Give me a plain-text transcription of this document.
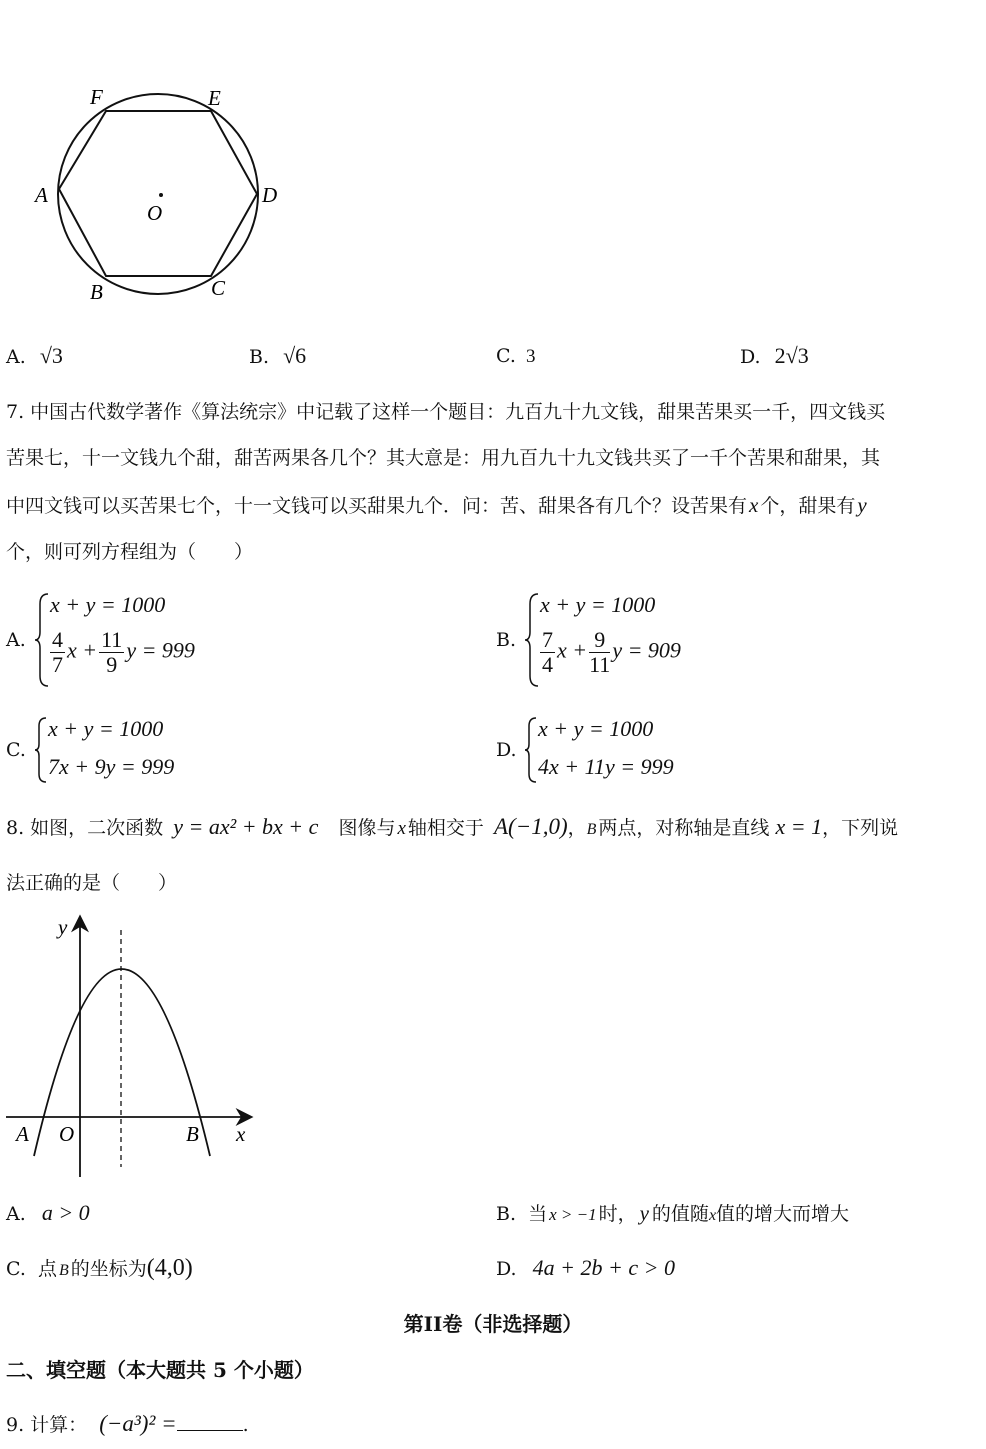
F	E
A	D
O
B	C
A. √3	B. √6	C. 3	D. 2√3
7. 中国古代数学著作《算法统宗》中记载了这样一个题目：九百九十九文钱，甜果苦果买一千，四文钱买
苦果七，十一文钱九个甜，甜苦两果各几个？其大意是：用九百九十九文钱共买了一千个苦果和甜果，其
中四文钱可以买苦果七个，十一文钱可以买甜果九个．问：苦、甜果各有几个？设苦果有x 个，甜果有y
个，则可列方程组为（　　）
A.
x + y = 1000
$\frac{4}{7}$ $x + \frac{11}{9}$ y = 999	B.
x + y = 1000
$\frac{7}{4}$ $x + \frac{9}{11}$ y = 909
C.
x + y = 1000
7x + 9y = 999
D.
x + y = 1000
4x + 11y = 999
8. 如图，二次函数 y = ax² + bx + c 图像与 x 轴相交于 A(−1,0)，B 两点，对称轴是直线 x = 1，下列说
法正确的是（　　）
y
x
A O	B
A. a > 0	B. 当 x > −1 时， y 的值随x值的增大而增大
C. 点 B 的坐标为(4,0)	D. 4a + 2b + c > 0
第II卷（非选择题）
二、填空题（本大题共 5 个小题）
9. 计算： (−a³)² =	.
